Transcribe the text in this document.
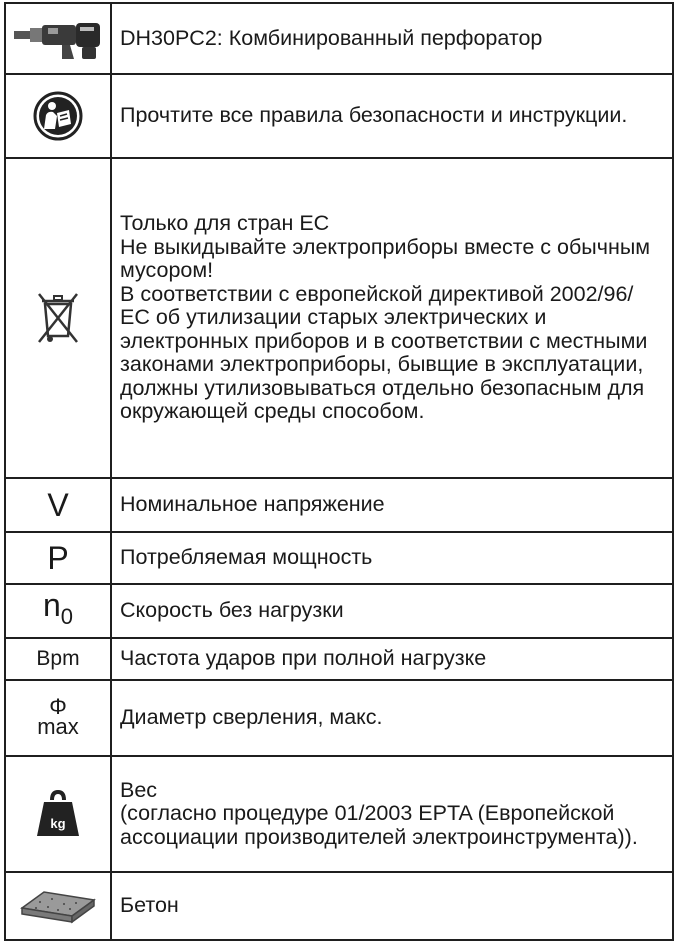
	DH30PC2: Комбинированный перфоратор
	Прочтите все правила безопасности и инструкции.

Только для стран ЕС
Не выкидывайте электроприборы вместе с обычным мусором!
В соответствии с европейской директивой 2002/96/ЕС об утилизации старых электрических и электронных приборов и в соответствии с местными законами электроприборы, бывщие в эксплуатации, должны утилизовываться отдельно безопасным для окружающей среды способом.

V	Номинальное напряжение
P	Потребляемая мощность
$n_0$	Скорость без нагрузки
Bpm	Частота ударов при полной нагрузке

Φ
max	Диаметр сверления, макс.

kg	Вес
(согласно процедуре 01/2003 EPTA (Европейской ассоциации производителей электроинструмента)).

	Бетон
